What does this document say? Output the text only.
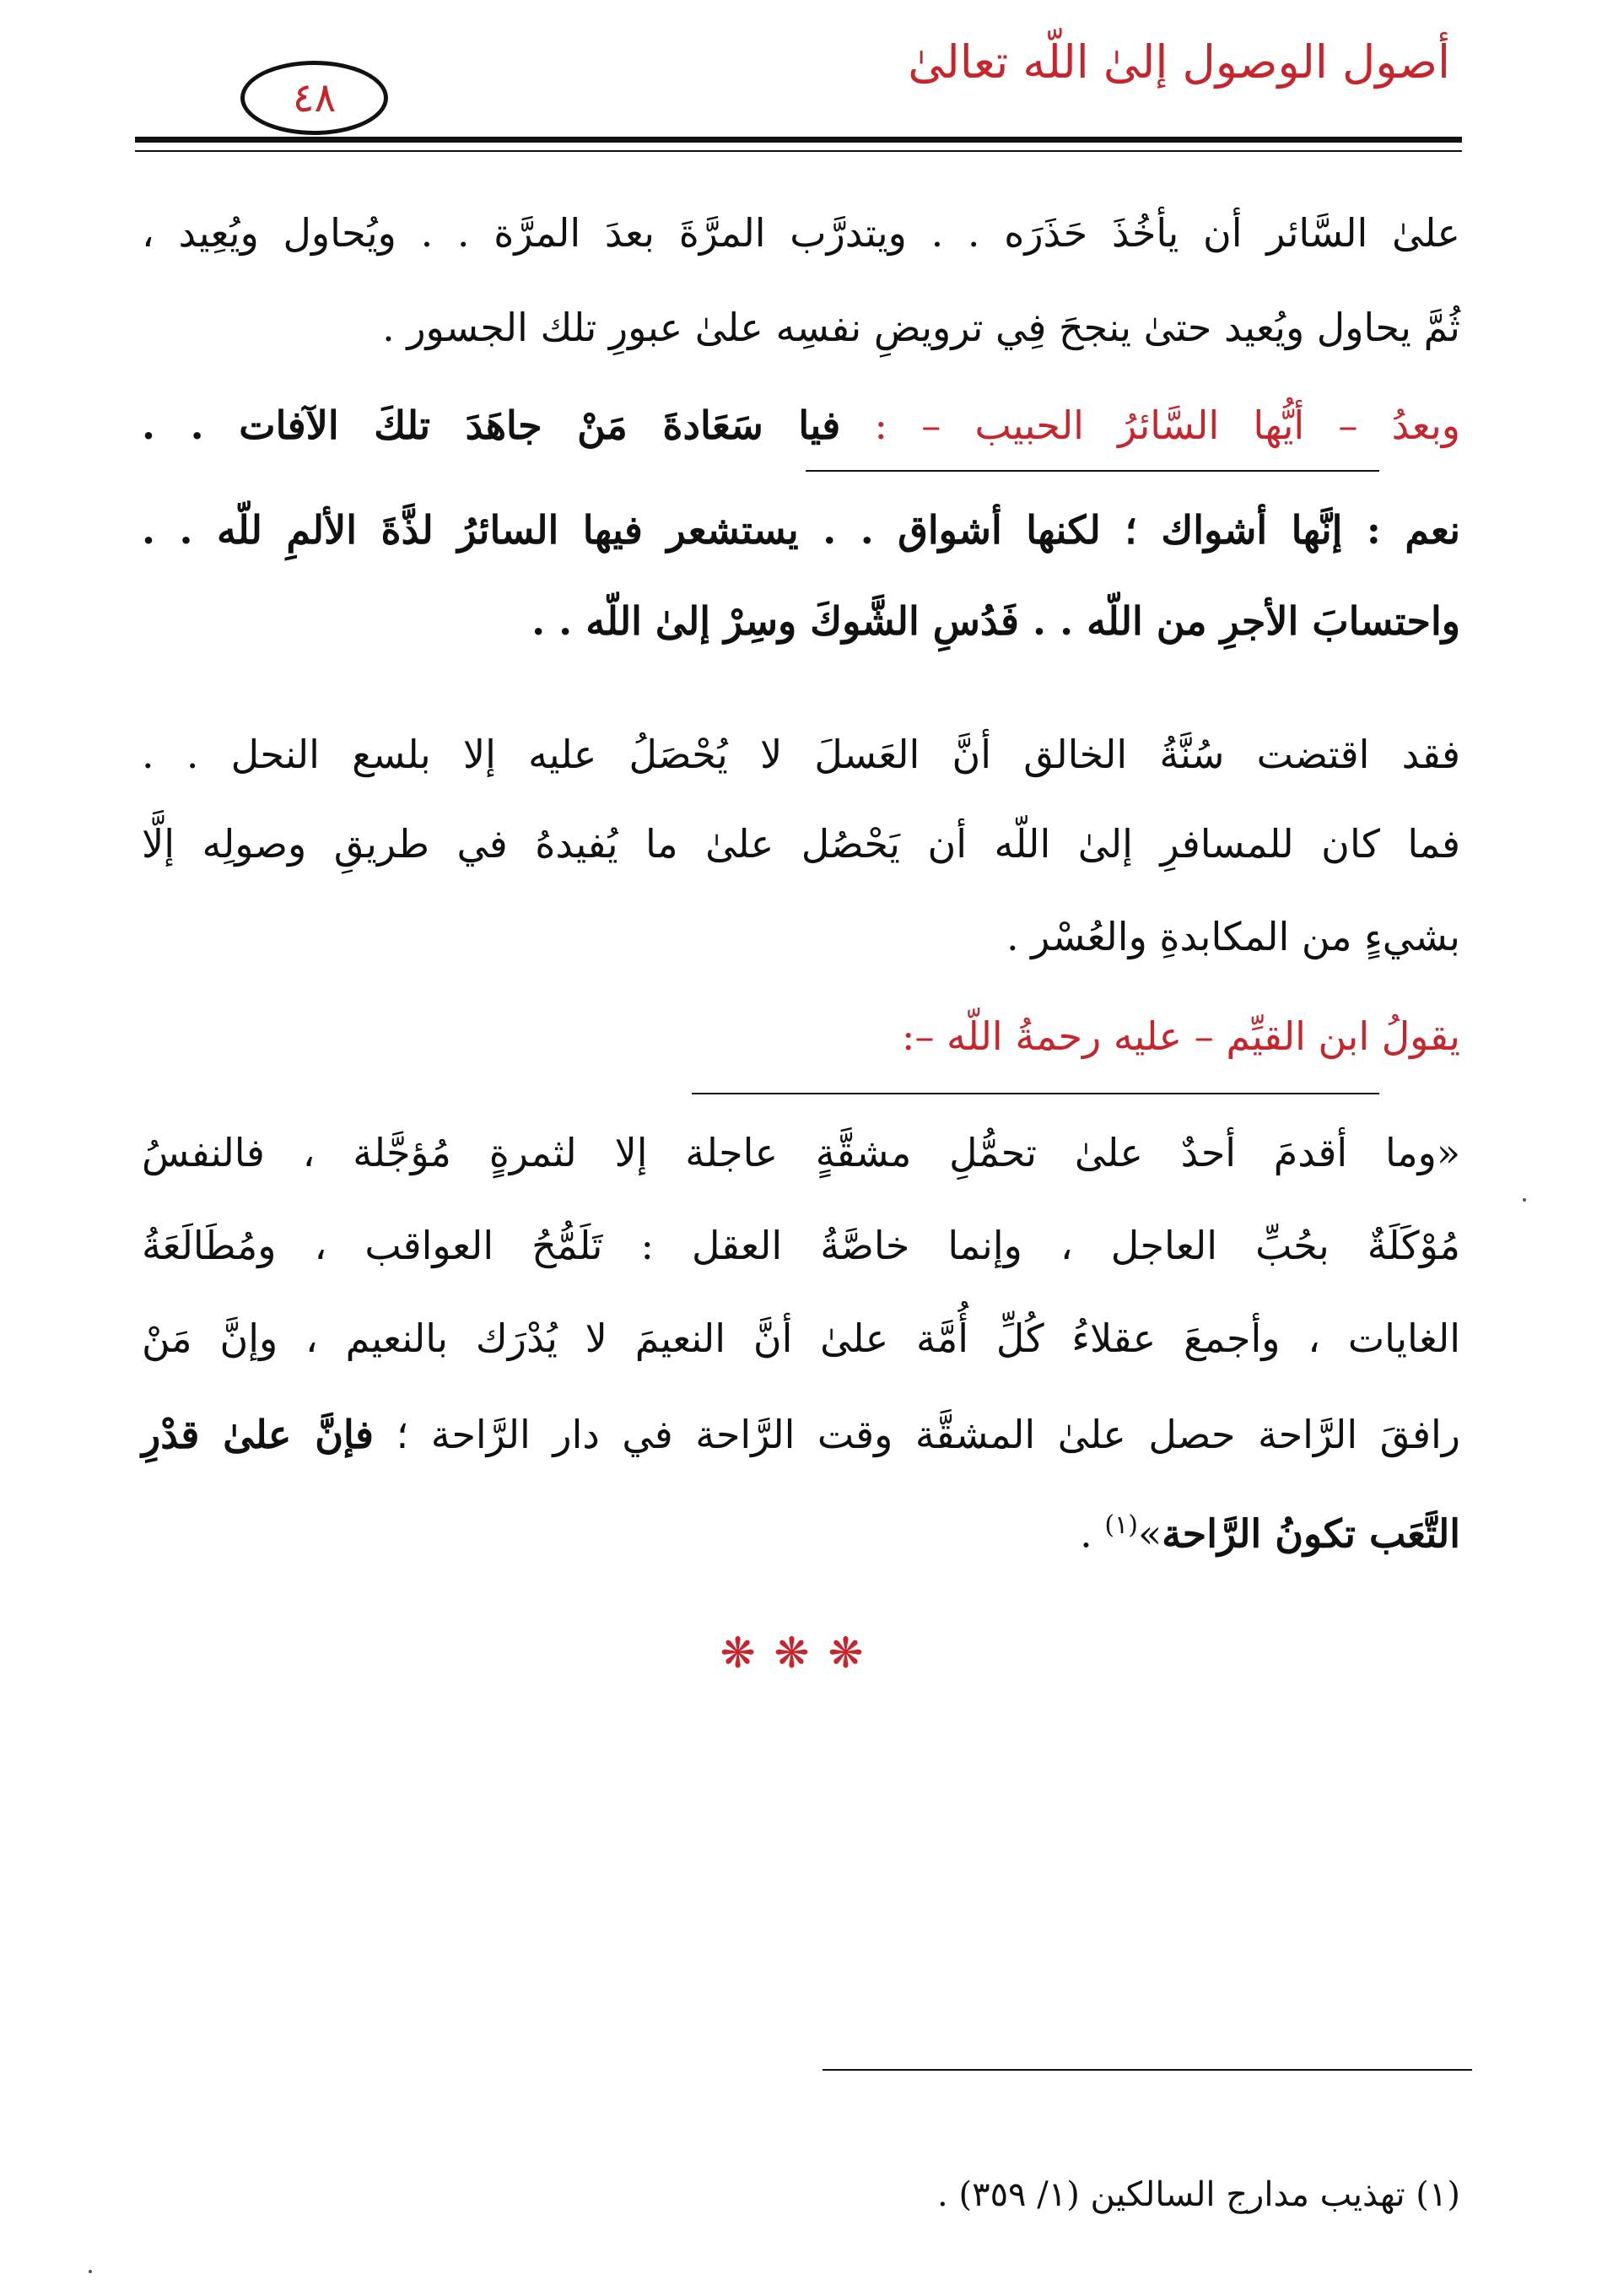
أصول الوصول إلىٰ اللّه تعالىٰ
٤٨
علىٰ السَّائر أن يأخُذَ حَذَرَه . . ويتدرَّب المرَّةَ بعدَ المرَّة . . ويُحاول ويُعِيد ،
ثُمَّ يحاول ويُعيد حتىٰ ينجحَ فِي ترويضِ نفسِه علىٰ عبورِ تلك الجسور .
وبعدُ – أيُّها السَّائرُ الحبيب – : فيا سَعَادةَ مَنْ جاهَدَ تلكَ الآفات . .
نعم : إنَّها أشواك ؛ لكنها أشواق . . يستشعر فيها السائرُ لذَّةَ الألمِ للّه . .
واحتسابَ الأجرِ من اللّه . . فَدُسِ الشَّوكَ وسِرْ إلىٰ اللّه . .
فقد اقتضت سُنَّةُ الخالق أنَّ العَسلَ لا يُحْصَلُ عليه إلا بلسع النحل . .
فما كان للمسافرِ إلىٰ اللّه أن يَحْصُل علىٰ ما يُفيدهُ في طريقِ وصولِه إلَّا
بشيءٍ من المكابدةِ والعُسْر .
يقولُ ابن القيِّم – عليه رحمةُ اللّه –:
«وما أقدمَ أحدٌ علىٰ تحمُّلِ مشقَّةٍ عاجلة إلا لثمرةٍ مُؤجَّلة ، فالنفسُ
مُوْكَلَةٌ بحُبِّ العاجل ، وإنما خاصَّةُ العقل : تَلَمُّحُ العواقب ، ومُطَالَعَةُ
الغايات ، وأجمعَ عقلاءُ كُلِّ أُمَّة علىٰ أنَّ النعيمَ لا يُدْرَك بالنعيم ، وإنَّ مَنْ
رافقَ الرَّاحة حصل علىٰ المشقَّة وقت الرَّاحة في دار الرَّاحة ؛ فإنَّ علىٰ قدْرِ
التَّعَب تكونُ الرَّاحة»$^{(١)}$ .
❋❋❋
(١) تهذيب مدارج السالكين (١/ ٣٥٩) .
